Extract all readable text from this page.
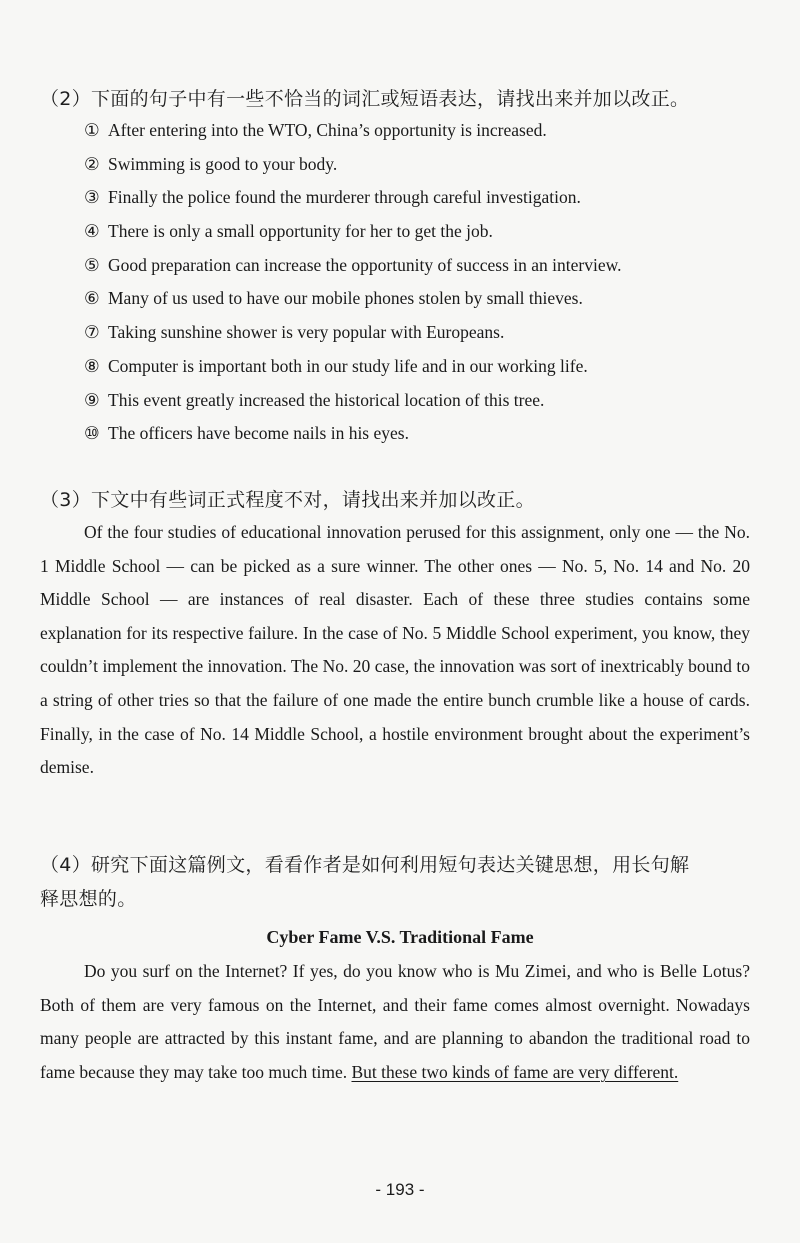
（2）下面的句子中有一些不恰当的词汇或短语表达，请找出来并加以改正。
① After entering into the WTO, China’s opportunity is increased.
② Swimming is good to your body.
③ Finally the police found the murderer through careful investigation.
④ There is only a small opportunity for her to get the job.
⑤ Good preparation can increase the opportunity of success in an interview.
⑥ Many of us used to have our mobile phones stolen by small thieves.
⑦ Taking sunshine shower is very popular with Europeans.
⑧ Computer is important both in our study life and in our working life.
⑨ This event greatly increased the historical location of this tree.
⑩ The officers have become nails in his eyes.
（3）下文中有些词正式程度不对，请找出来并加以改正。

Of the four studies of educational innovation perused for this assignment, only one — the No. 1 Middle School — can be picked as a sure winner. The other ones — No. 5, No. 14 and No. 20 Middle School — are instances of real disaster. Each of these three studies contains some explanation for its respective failure. In the case of No. 5 Middle School experiment, you know, they couldn’t implement the innovation. The No. 20 case, the innovation was sort of inextricably bound to a string of other tries so that the failure of one made the entire bunch crumble like a house of cards. Finally, in the case of No. 14 Middle School, a hostile environment brought about the experiment’s demise.

（4）研究下面这篇例文，看看作者是如何利用短句表达关键思想，用长句解
释思想的。
Cyber Fame V.S. Traditional Fame

Do you surf on the Internet? If yes, do you know who is Mu Zimei, and who is Belle Lotus? Both of them are very famous on the Internet, and their fame comes almost overnight. Nowadays many people are attracted by this instant fame, and are planning to abandon the traditional road to fame because they may take too much time. But these two kinds of fame are very different.

- 193 -
